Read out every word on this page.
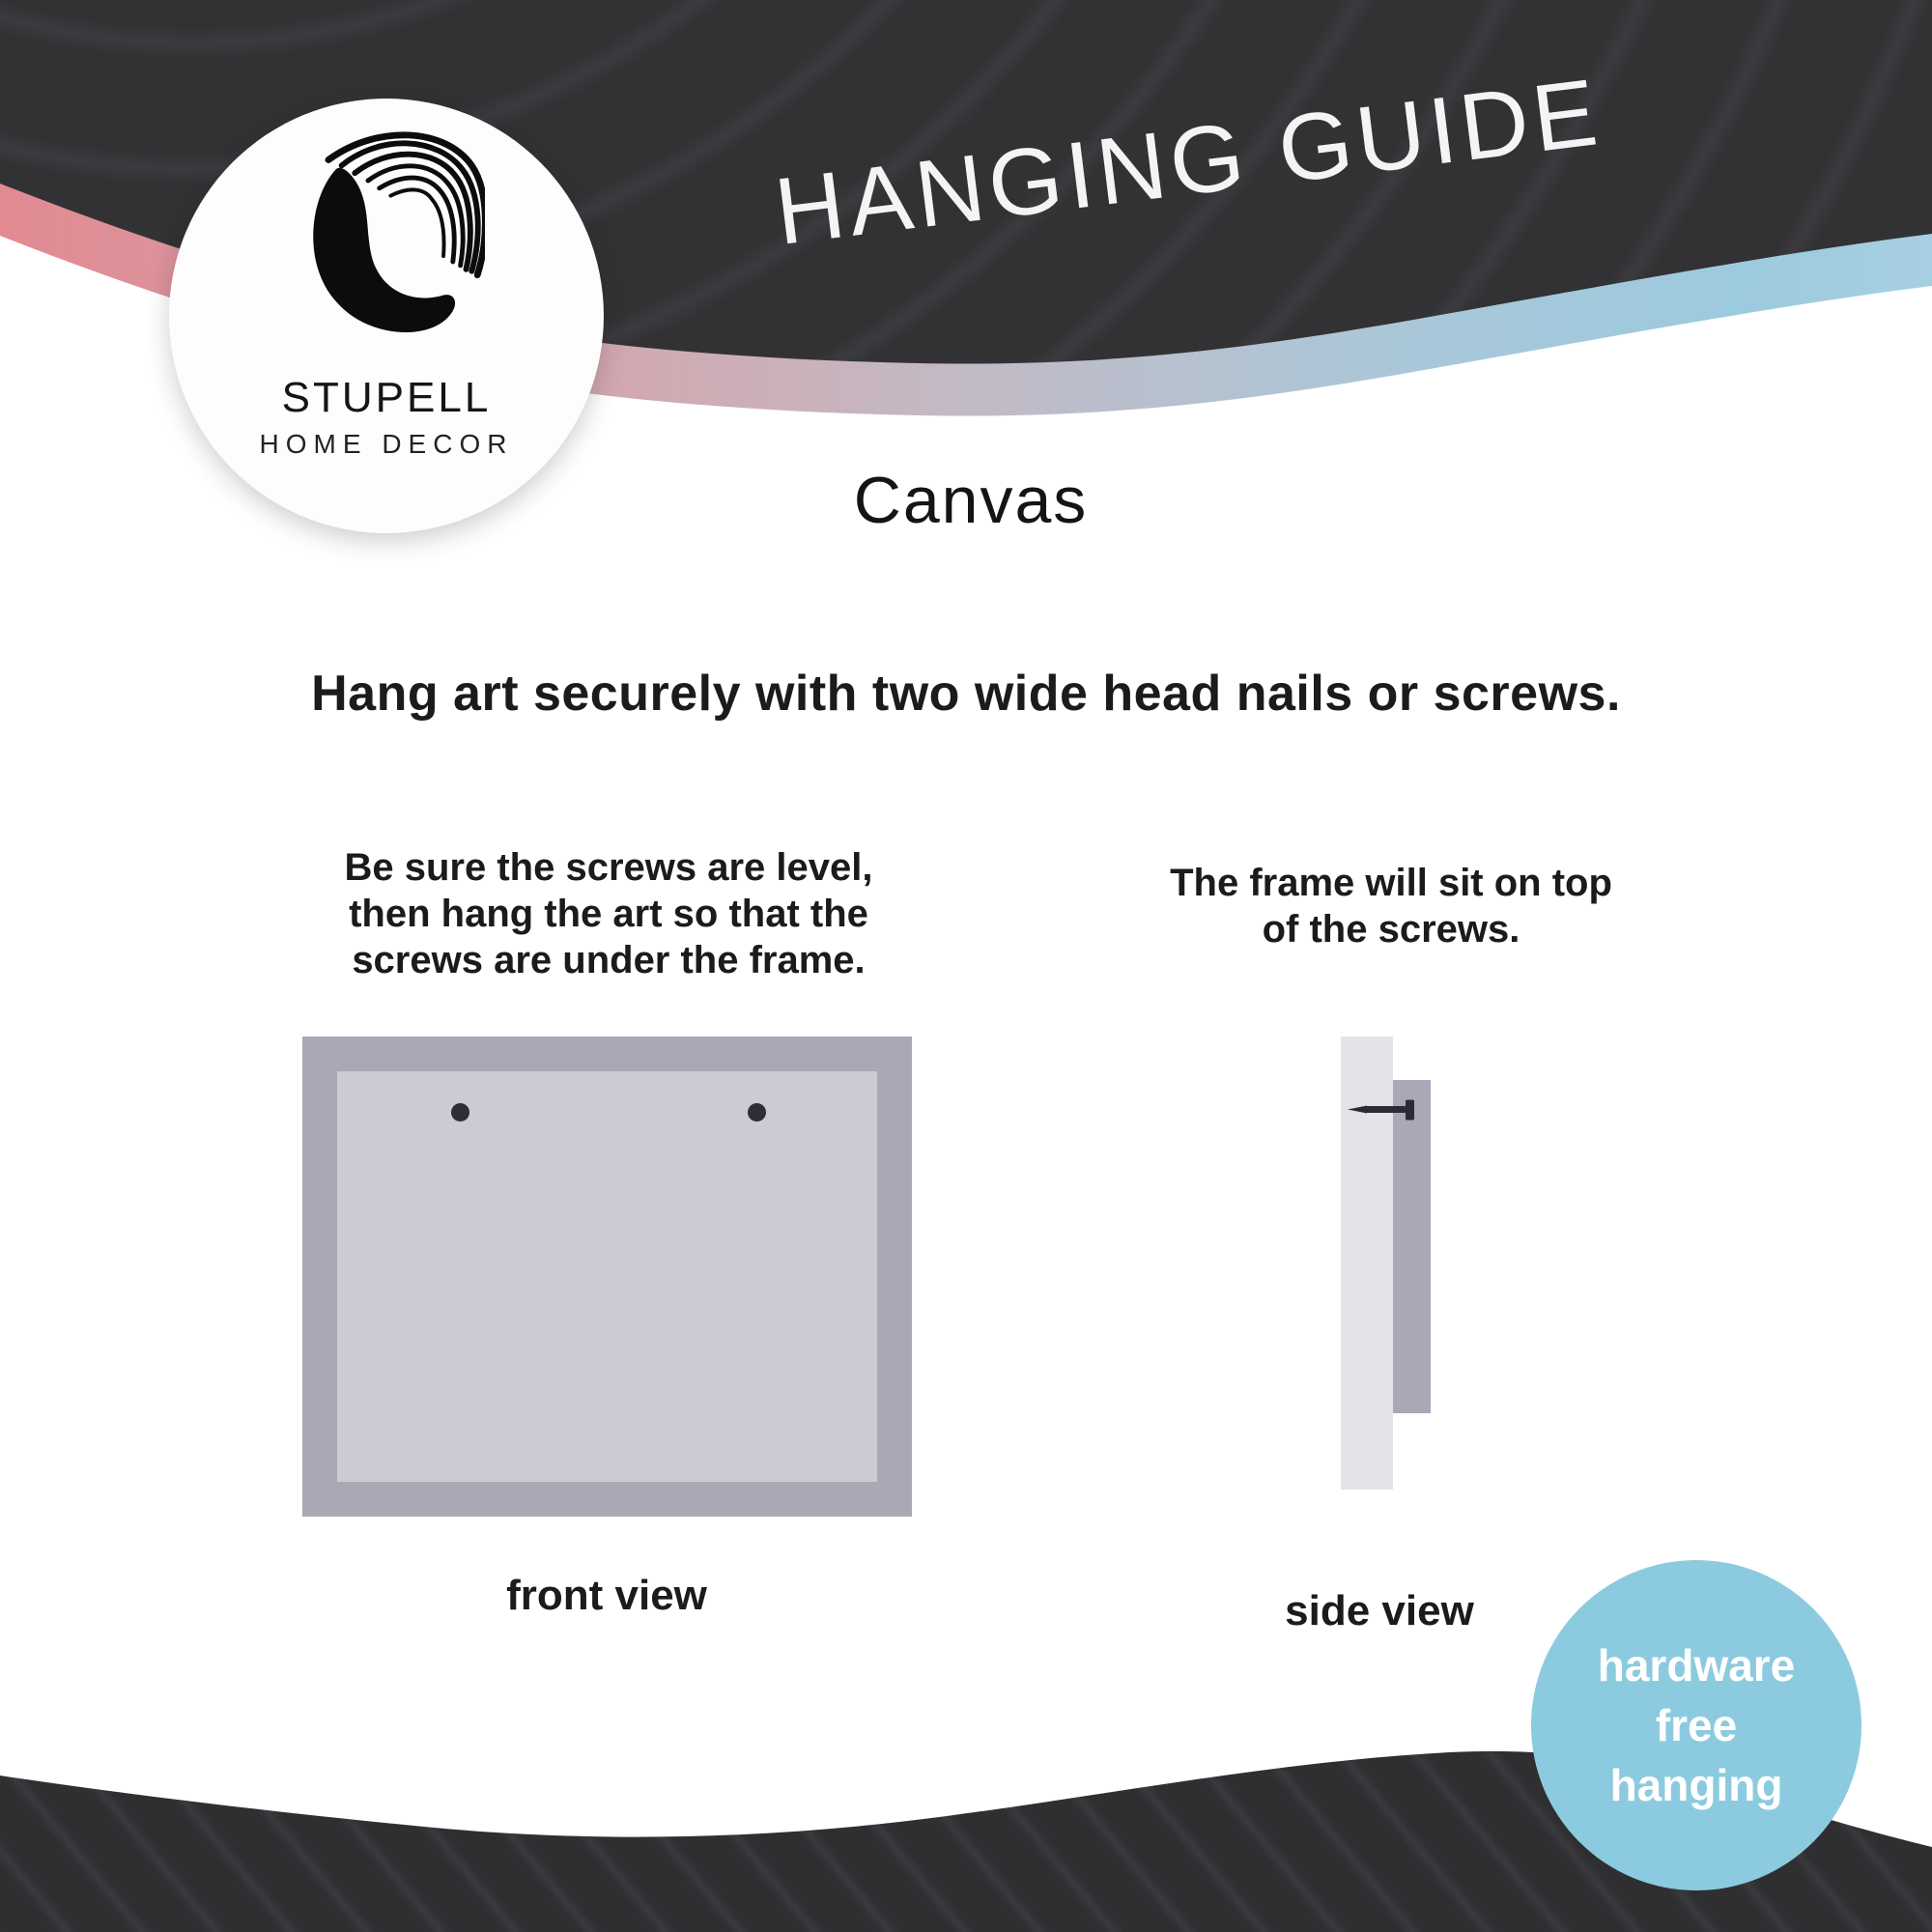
HANGING GUIDE
STUPELL
HOME DECOR
Canvas
Hang art securely with two wide head nails or screws.
Be sure the screws are level,
then hang the art so that the
screws are under the frame.
The frame will sit on top
of the screws.
front view	side view
hardware
free
hanging
